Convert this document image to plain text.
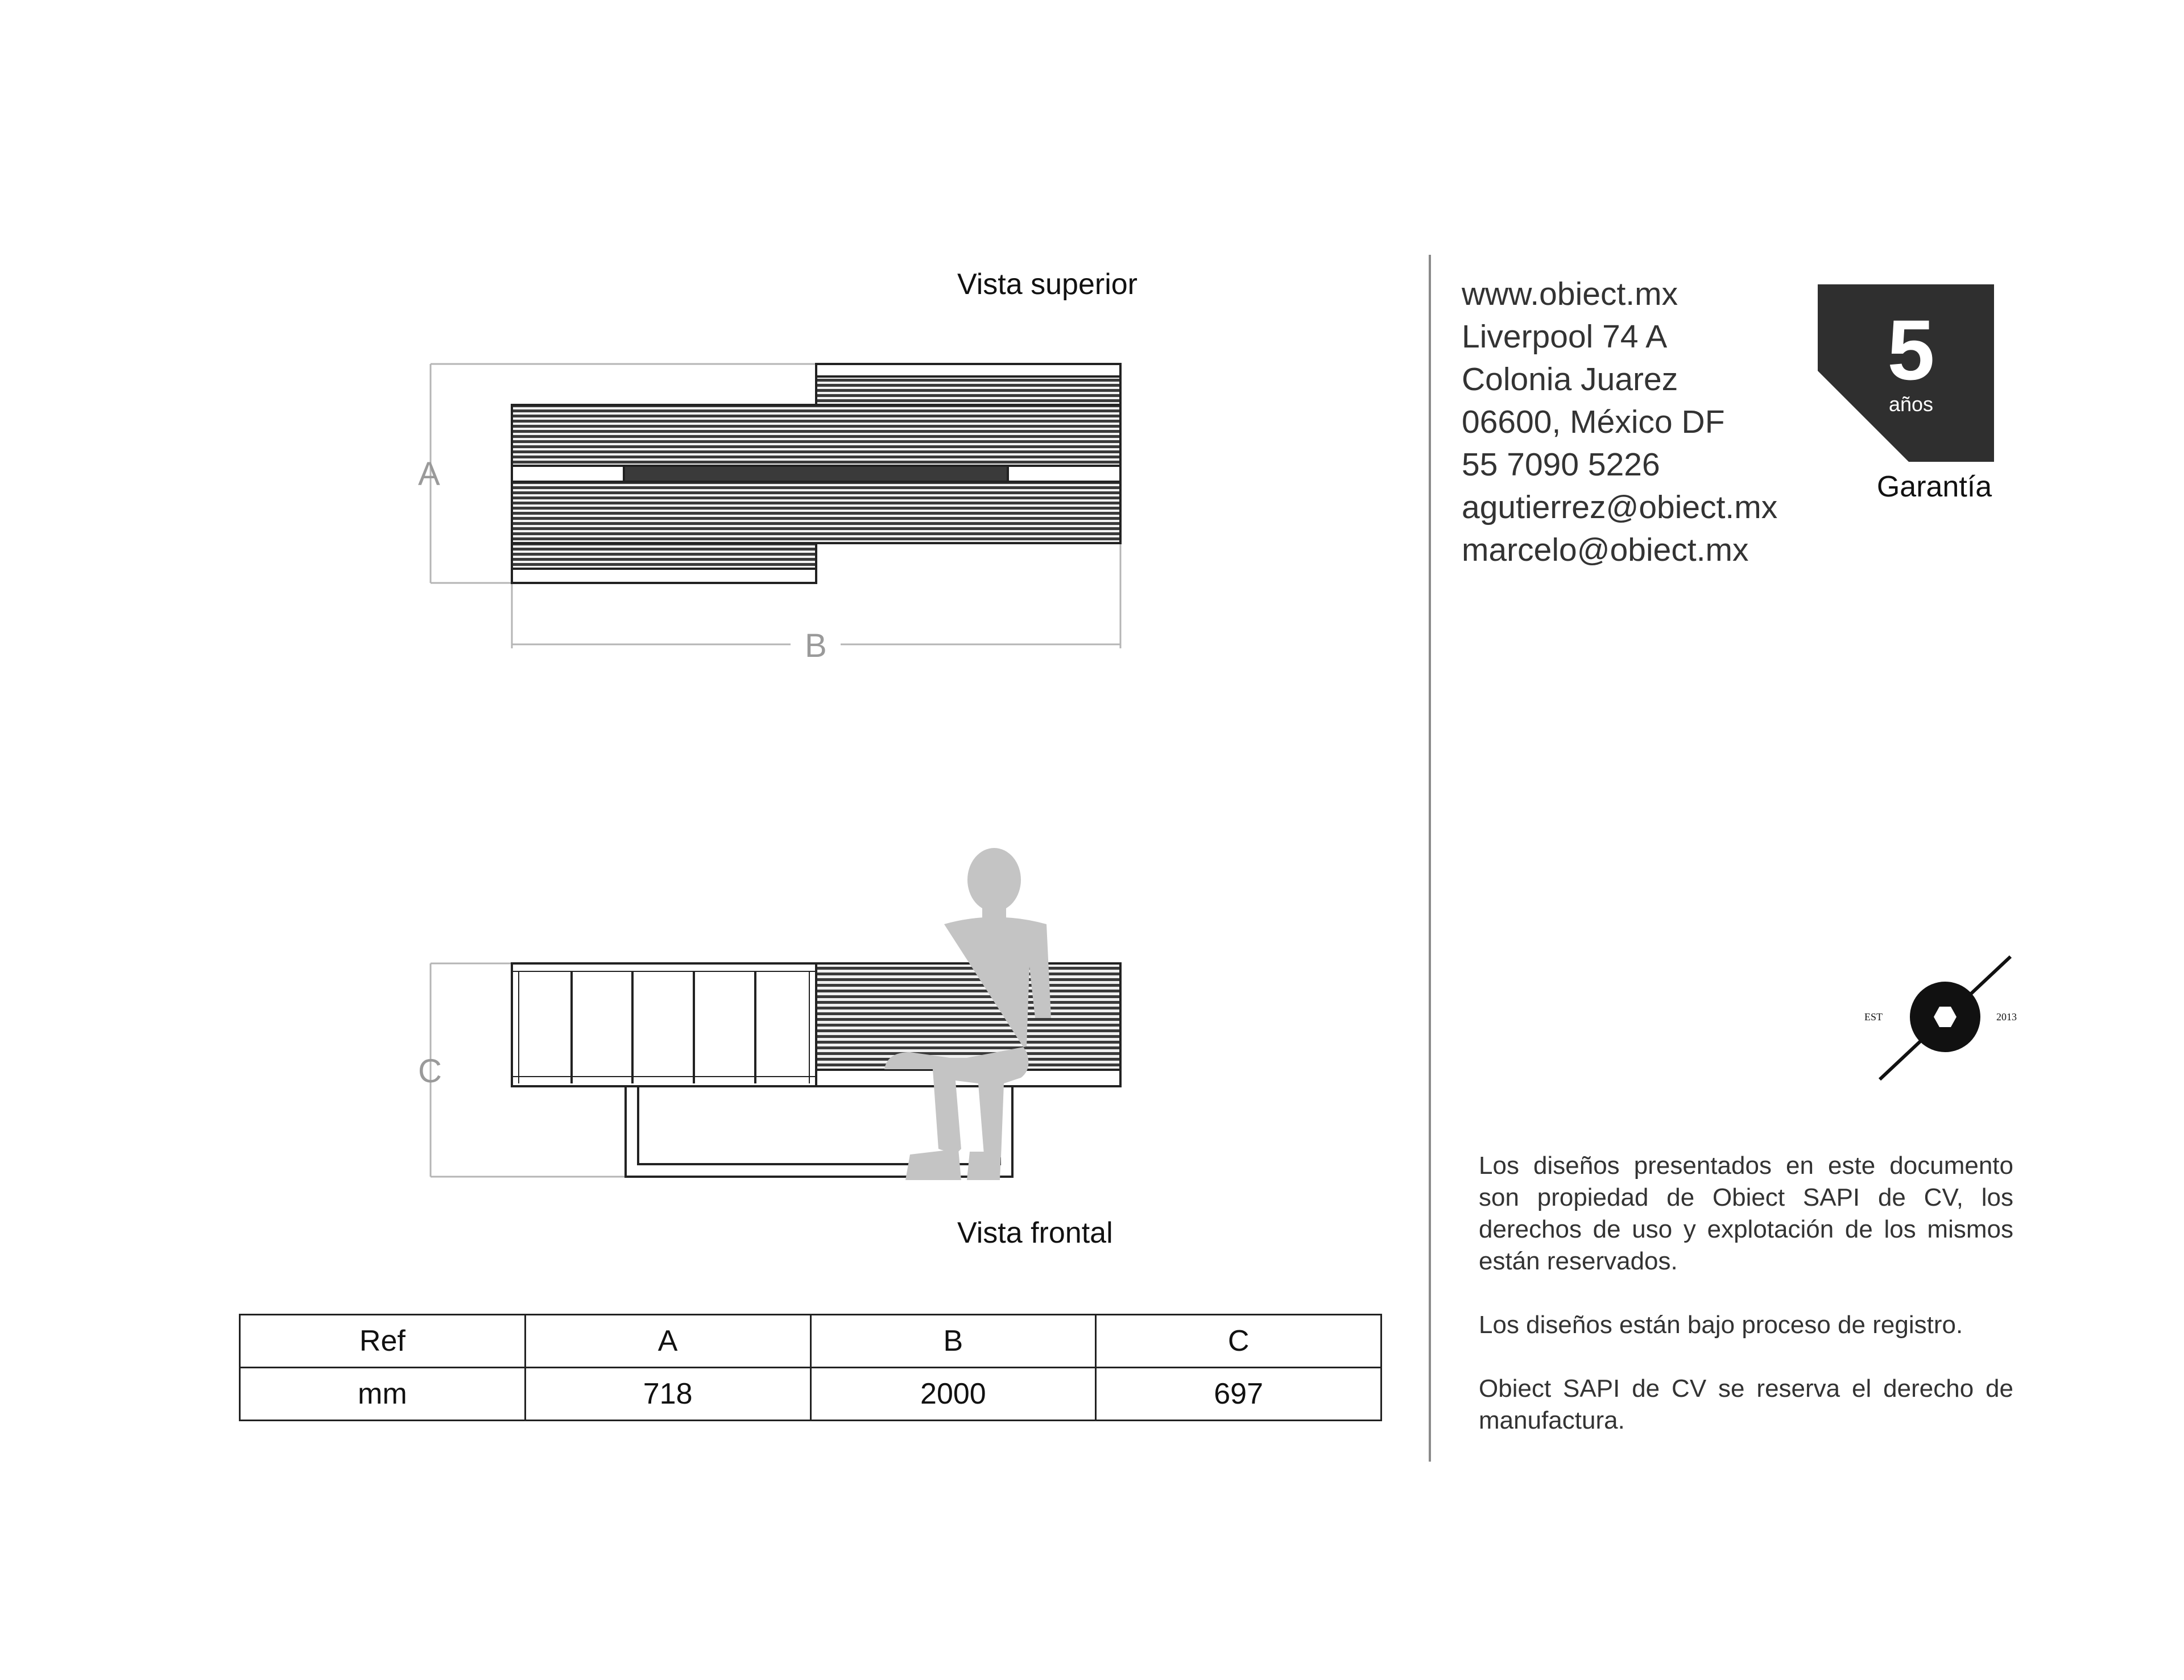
Vista superior
A
B
C
Vista frontal
Ref	A	B	C
mm	718	2000	697
www.obiect.mx
Liverpool 74 A
Colonia Juarez
06600, México DF
55 7090 5226
agutierrez@obiect.mx
marcelo@obiect.mx
5
años
Garantía
EST	2013

Los diseños presentados en este documento son propiedad de Obiect SAPI de CV, los derechos de uso y explotación de los mismos están reservados.

Los diseños están bajo proceso de registro.

Obiect SAPI de CV se reserva el derecho de manufactura.
